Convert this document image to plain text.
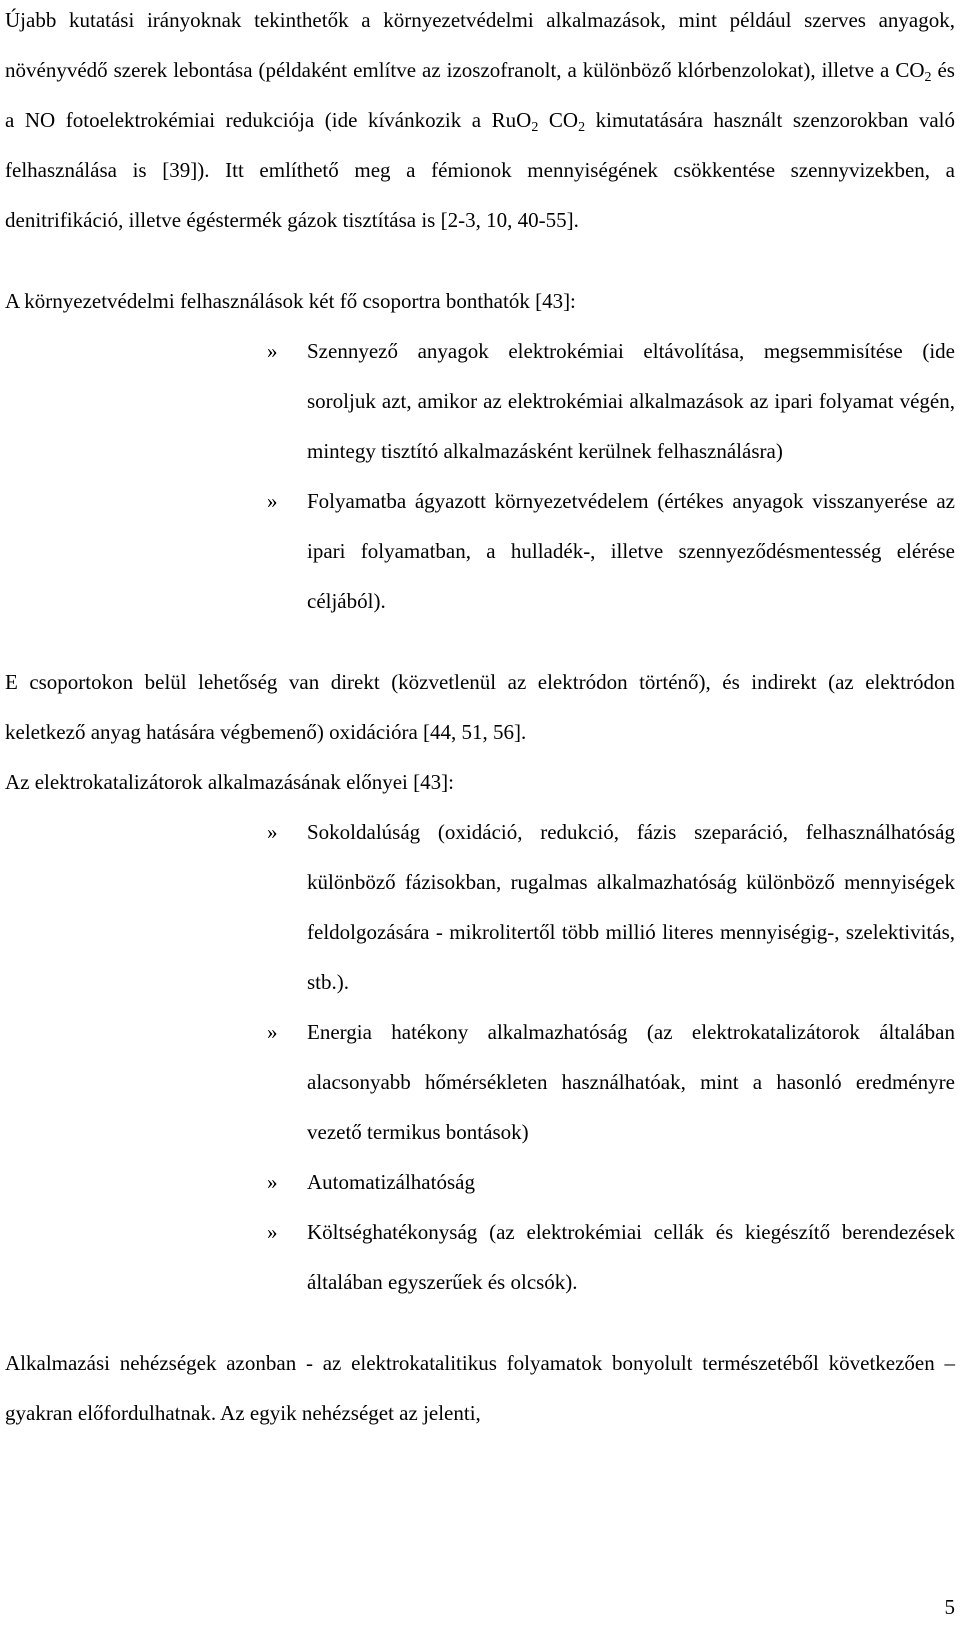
Újabb kutatási irányoknak tekinthetők a környezetvédelmi alkalmazások, mint például szerves anyagok, növényvédő szerek lebontása (példaként említve az izoszofranolt, a különböző klórbenzolokat), illetve a $CO_2$ és a NO fotoelektrokémiai redukciója (ide kívánkozik a RuO$_2$ $CO_2$ kimutatására használt szenzorokban való felhasználása is [39]). Itt említhető meg a fémionok mennyiségének csökkentése szennyvizekben, a denitrifikáció, illetve égéstermék gázok tisztítása is [2-3, 10, 40-55].

A környezetvédelmi felhasználások két fő csoportra bonthatók [43]:

» Szennyező anyagok elektrokémiai eltávolítása, megsemmisítése (ide soroljuk azt, amikor az elektrokémiai alkalmazások az ipari folyamat végén, mintegy tisztító alkalmazásként kerülnek felhasználásra)
» Folyamatba ágyazott környezetvédelem (értékes anyagok visszanyerése az ipari folyamatban, a hulladék-, illetve szennyeződésmentesség elérése céljából).

E csoportokon belül lehetőség van direkt (közvetlenül az elektródon történő), és indirekt (az elektródon keletkező anyag hatására végbemenő) oxidációra [44, 51, 56].

Az elektrokatalizátorok alkalmazásának előnyei [43]:

» Sokoldalúság (oxidáció, redukció, fázis szeparáció, felhasználhatóság különböző fázisokban, rugalmas alkalmazhatóság különböző mennyiségek feldolgozására - mikrolitertől több millió literes mennyiségig-, szelektivitás, stb.).
» Energia hatékony alkalmazhatóság (az elektrokatalizátorok általában alacsonyabb hőmérsékleten használhatóak, mint a hasonló eredményre vezető termikus bontások)
» Automatizálhatóság
» Költséghatékonyság (az elektrokémiai cellák és kiegészítő berendezések általában egyszerűek és olcsók).

Alkalmazási nehézségek azonban - az elektrokatalitikus folyamatok bonyolult természetéből következően – gyakran előfordulhatnak. Az egyik nehézséget az jelenti,

5
